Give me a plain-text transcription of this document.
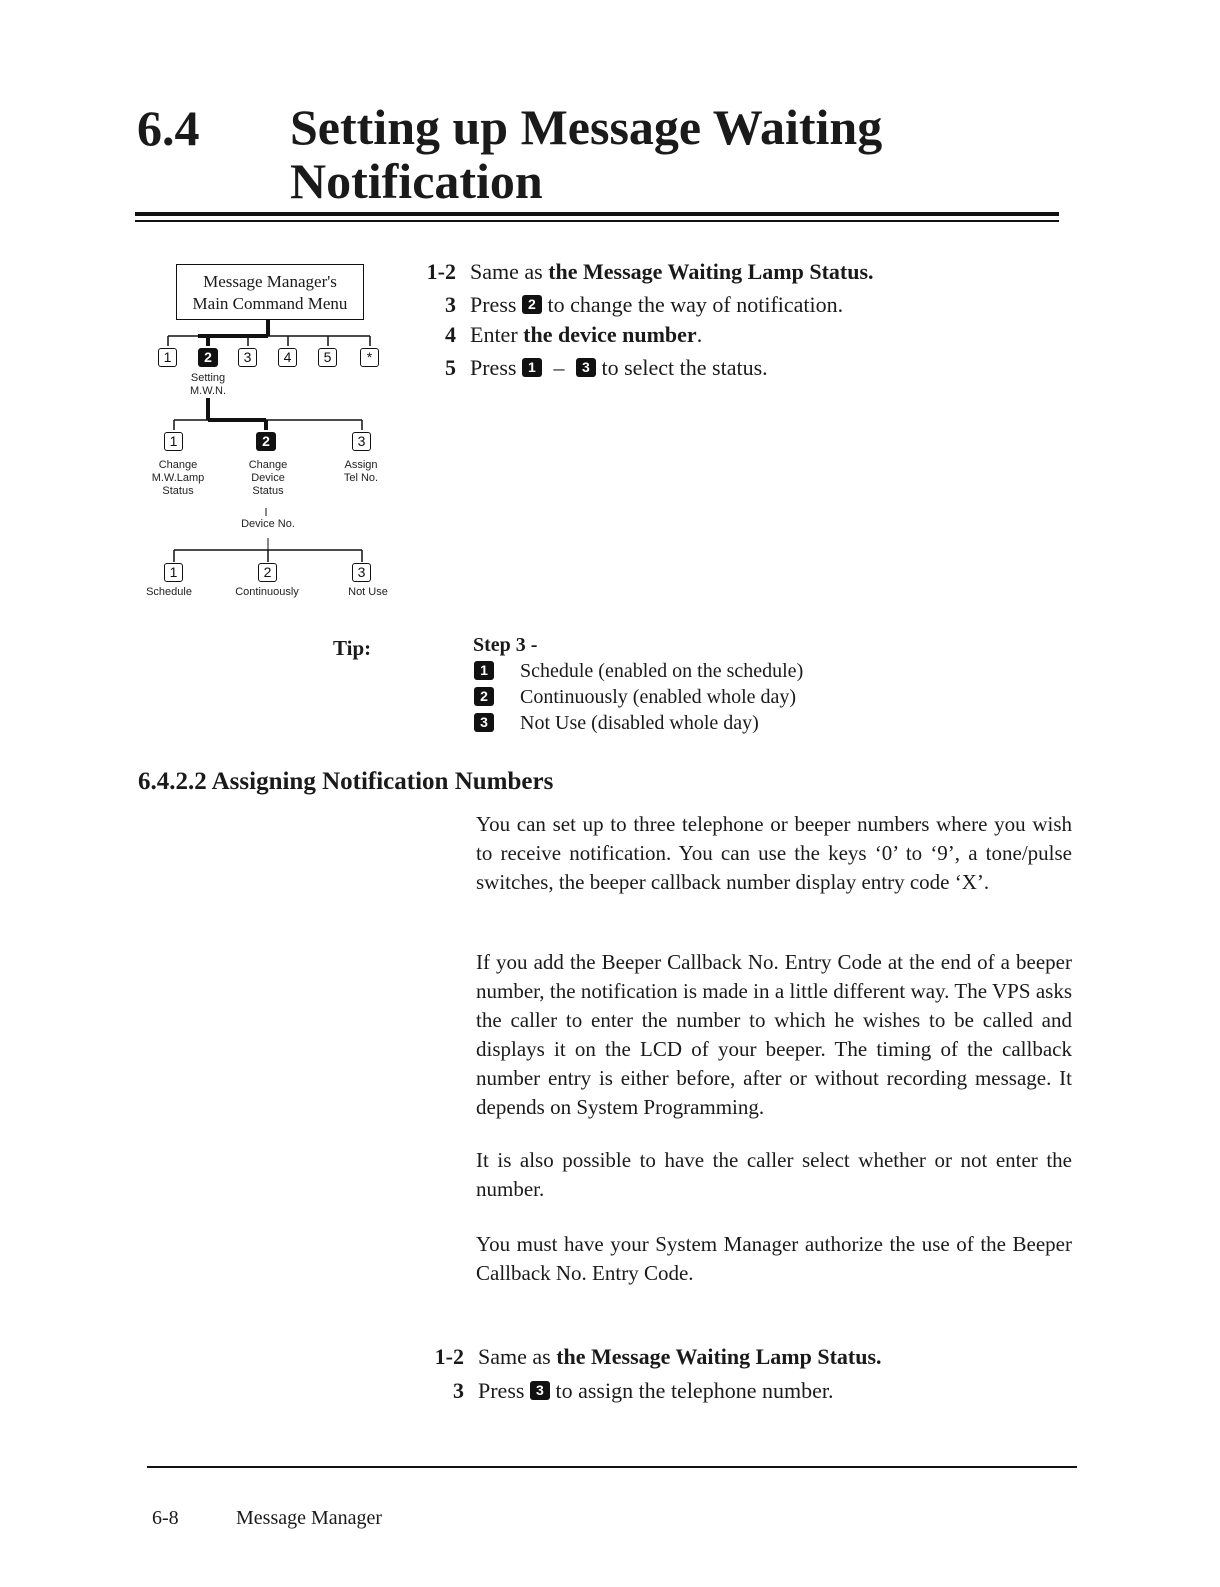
6.4 Setting up Message Waiting
Notification
Message Manager's
Main Command Menu
1	2	3	4	5	*
Setting
M.W.N.
1	2	3
Change
M.W.Lamp
Status
Change
Device
Status
Assign
Tel No.
Device No.
1	2	3
Schedule	Continuously	Not Use
1-2 Same as the Message Waiting Lamp Status.
3 Press 2 to change the way of notification.
4 Enter the device number.
5 Press 1 – 3 to select the status.
Tip:	Step 3 -
1 Schedule (enabled on the schedule)
2 Continuously (enabled whole day)
3 Not Use (disabled whole day)
6.4.2.2 Assigning Notification Numbers
You can set up to three telephone or beeper numbers where you wish to receive notification. You can use the keys ‘0’ to ‘9’, a tone/pulse switches, the beeper callback number display entry code ‘X’.
If you add the Beeper Callback No. Entry Code at the end of a beeper number, the notification is made in a little different way. The VPS asks the caller to enter the number to which he wishes to be called and displays it on the LCD of your beeper. The timing of the callback number entry is either before, after or without recording message. It depends on System Programming.
It is also possible to have the caller select whether or not enter the number.
You must have your System Manager authorize the use of the Beeper Callback No. Entry Code.
1-2 Same as the Message Waiting Lamp Status.
3 Press 3 to assign the telephone number.
6-8	Message Manager
